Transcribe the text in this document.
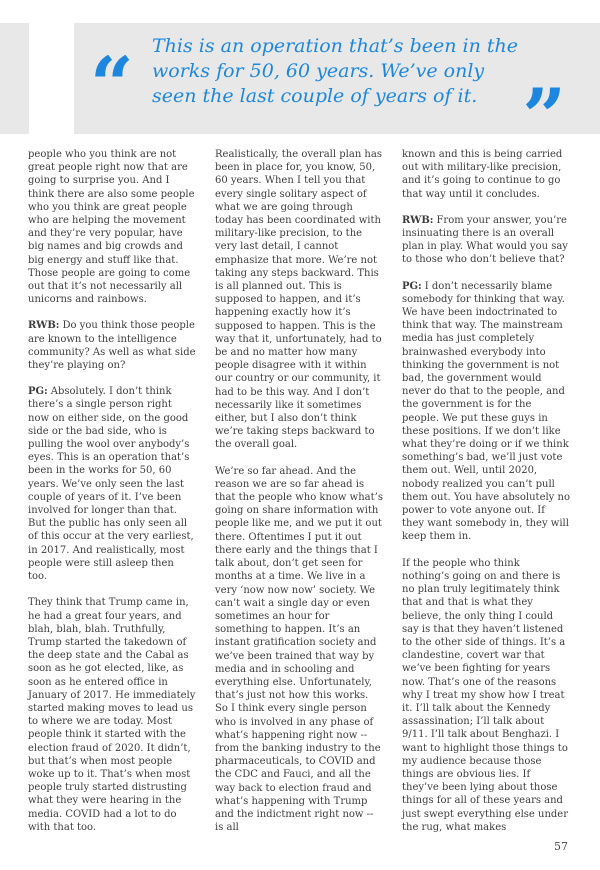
“ This is an operation that’s been in the works for 50, 60 years. We’ve only seen the last couple of years of it. ”

people who you think are not great people right now that are going to surprise you. And I think there are also some people who you think are great people who are helping the movement and they’re very popular, have big names and big crowds and big energy and stuff like that. Those people are going to come out that it’s not necessarily all unicorns and rainbows.

RWB: Do you think those people are known to the intelligence community? As well as what side they’re playing on?

PG: Absolutely. I don’t think there’s a single person right now on either side, on the good side or the bad side, who is pulling the wool over anybody’s eyes. This is an operation that’s been in the works for 50, 60 years. We’ve only seen the last couple of years of it. I’ve been involved for longer than that. But the public has only seen all of this occur at the very earliest, in 2017. And realistically, most people were still asleep then too.

They think that Trump came in, he had a great four years, and blah, blah, blah. Truthfully, Trump started the takedown of the deep state and the Cabal as soon as he got elected, like, as soon as he entered office in January of 2017. He immediately started making moves to lead us to where we are today. Most people think it started with the election fraud of 2020. It didn’t, but that’s when most people woke up to it. That’s when most people truly started distrusting what they were hearing in the media. COVID had a lot to do with that too.

Realistically, the overall plan has been in place for, you know, 50, 60 years. When I tell you that every single solitary aspect of what we are going through today has been coordinated with military-like precision, to the very last detail, I cannot emphasize that more. We’re not taking any steps backward. This is all planned out. This is supposed to happen, and it’s happening exactly how it’s supposed to happen. This is the way that it, unfortunately, had to be and no matter how many people disagree with it within our country or our community, it had to be this way. And I don’t necessarily like it sometimes either, but I also don’t think we’re taking steps backward to the overall goal.

We’re so far ahead. And the reason we are so far ahead is that the people who know what’s going on share information with people like me, and we put it out there. Oftentimes I put it out there early and the things that I talk about, don’t get seen for months at a time. We live in a very ‘now now now’ society. We can’t wait a single day or even sometimes an hour for something to happen. It’s an instant gratification society and we’ve been trained that way by media and in schooling and everything else. Unfortunately, that’s just not how this works. So I think every single person who is involved in any phase of what’s happening right now -- from the banking industry to the pharmaceuticals, to COVID and the CDC and Fauci, and all the way back to election fraud and what’s happening with Trump and the indictment right now -- is all

known and this is being carried out with military-like precision, and it’s going to continue to go that way until it concludes.

RWB: From your answer, you’re insinuating there is an overall plan in play. What would you say to those who don’t believe that?

PG: I don’t necessarily blame somebody for thinking that way. We have been indoctrinated to think that way. The mainstream media has just completely brainwashed everybody into thinking the government is not bad, the government would never do that to the people, and the government is for the people. We put these guys in these positions. If we don’t like what they’re doing or if we think something’s bad, we’ll just vote them out. Well, until 2020, nobody realized you can’t pull them out. You have absolutely no power to vote anyone out. If they want somebody in, they will keep them in.

If the people who think nothing’s going on and there is no plan truly legitimately think that and that is what they believe, the only thing I could say is that they haven’t listened to the other side of things. It’s a clandestine, covert war that we’ve been fighting for years now. That’s one of the reasons why I treat my show how I treat it. I’ll talk about the Kennedy assassination; I’ll talk about 9/11. I’ll talk about Benghazi. I want to highlight those things to my audience because those things are obvious lies. If they’ve been lying about those things for all of these years and just swept everything else under the rug, what makes

57
